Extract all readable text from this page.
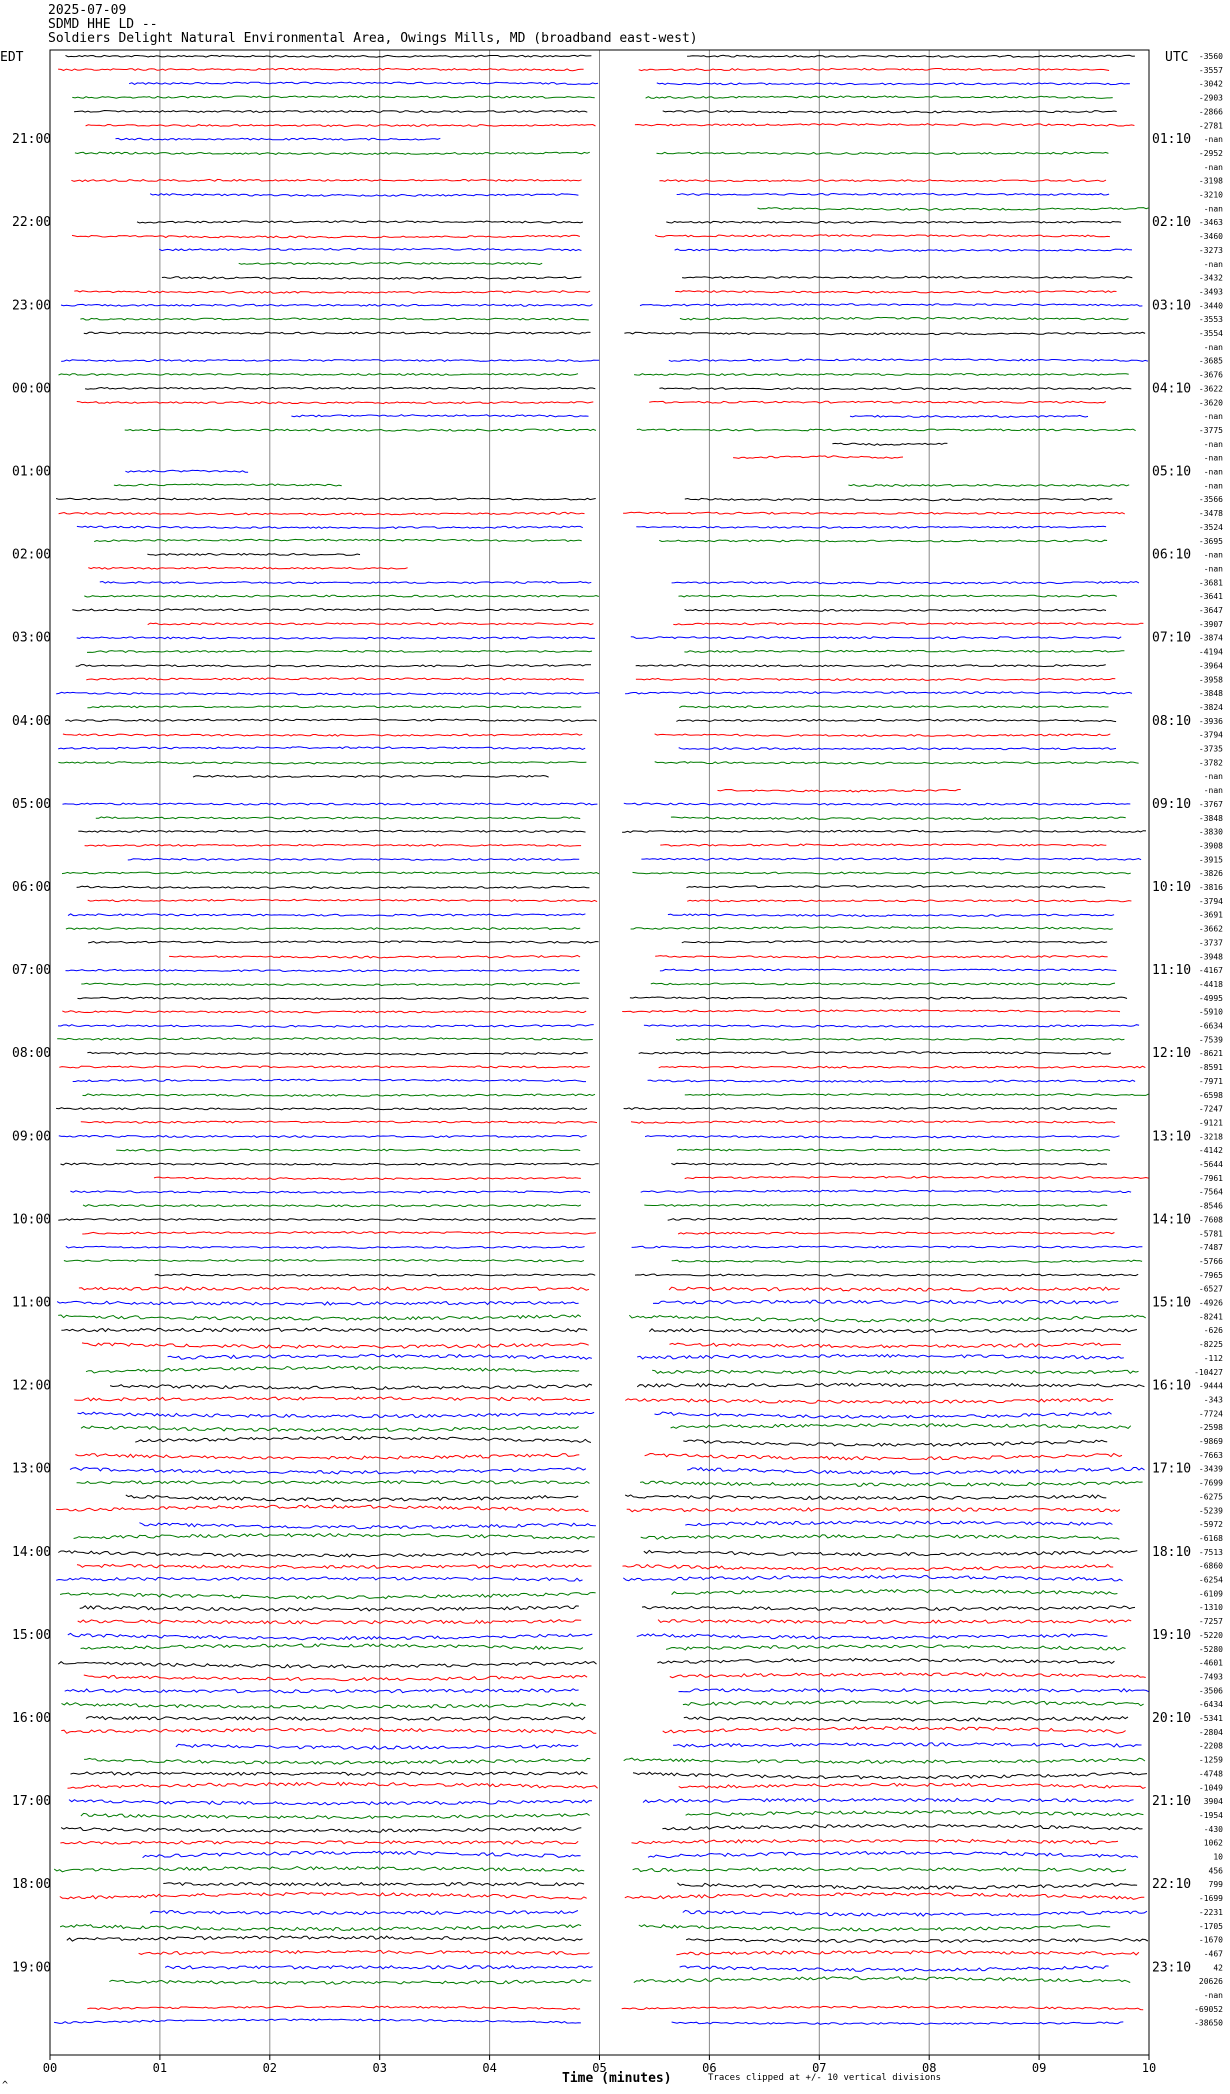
2025-07-09
SDMD HHE LD --
Soldiers Delight Natural Environmental Area, Owings Mills, MD (broadband east-west)
EDT	UTC
21:00
22:00
23:00
00:00
01:00
02:00
03:00
04:00
05:00
06:00
07:00
08:00
09:00
10:00
11:00
12:00
13:00
14:00
15:00
16:00
17:00
18:00
19:00
01:10
02:10
03:10
04:10
05:10
06:10
07:10
08:10
09:10
10:10
11:10
12:10
13:10
14:10
15:10
16:10
17:10
18:10
19:10
20:10
21:10
22:10
23:10
-3560
-3557
-3042
-2903
-2866
-2781
-nan
-2952
-nan
-3198
-3210
-nan
-3463
-3460
-3273
-nan
-3432
-3493
-3440
-3553
-3554
-nan
-3685
-3676
-3622
-3620
-nan
-3775
-nan
-nan
-nan
-nan
-3566
-3478
-3524
-3695
-nan
-nan
-3681
-3641
-3647
-3907
-3874
-4194
-3964
-3958
-3848
-3824
-3936
-3794
-3735
-3782
-nan
-nan
-3767
-3848
-3830
-3908
-3915
-3826
-3816
-3794
-3691
-3662
-3737
-3948
-4167
-4418
-4995
-5910
-6634
-7539
-8621
-8591
-7971
-6598
-7247
-9121
-3218
-4142
-5644
-7961
-7564
-8546
-7608
-5781
-7487
-5766
-7965
-6527
-4926
-8241
-626
-8225
-112
-10427
-9444
-343
-7724
-2598
-9869
-7663
-3439
-7699
-6275
-5239
-5972
-6168
-7513
-6860
-6254
-6109
-1310
-7257
-5220
-5280
-4601
-7493
-3506
-6434
-5341
-2804
-2208
-1259
-4748
-1049
3904
-1954
-430
1062
10
456
799
-1699
-2231
-1705
-1670
-467
42
20626
-nan
-69052
-38650
00	01	02	03	04	05	06	07	08	09	10
Time (minutes)	Traces clipped at +/- 10 vertical divisions
^
